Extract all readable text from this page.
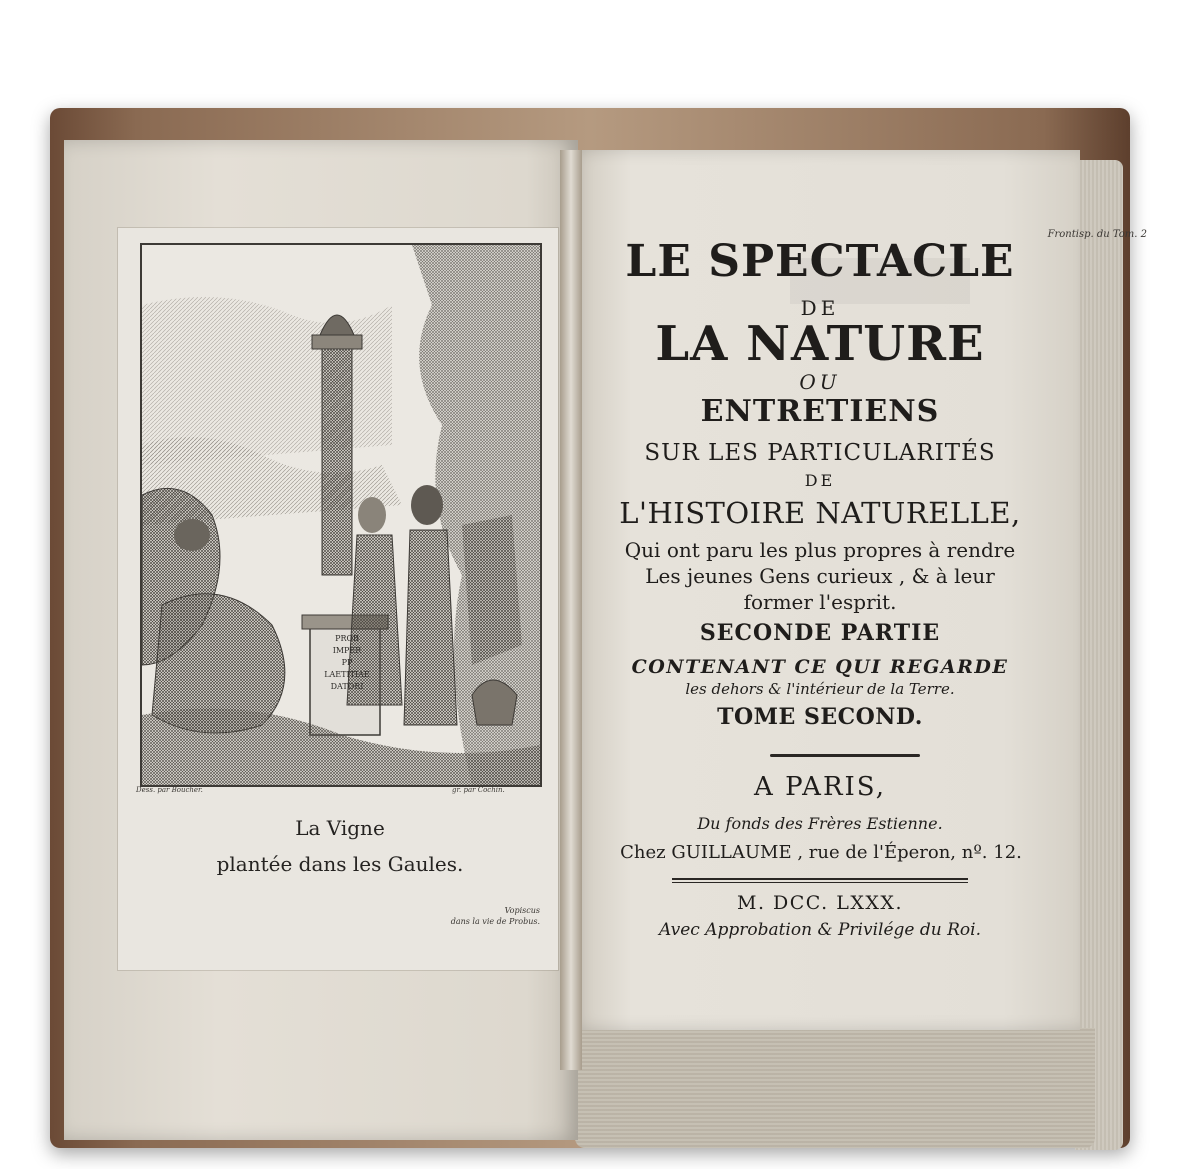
Frontisp. du Tom. 2
PROB
IMPER
PP
LAETITIAE
DATORI
Dess. par Boucher.	gr. par Cochin.
La Vigne
plantée dans les Gaules.
Vopiscus
dans la vie de Probus.
LE SPECTACLE
DE
LA NATURE
OU
ENTRETIENS
SUR LES PARTICULARITÉS
DE
L'HISTOIRE NATURELLE,
Qui ont paru les plus propres à rendre
Les jeunes Gens curieux , & à leur
former l'esprit.
SECONDE PARTIE
CONTENANT CE QUI REGARDE
les dehors & l'intérieur de la Terre.
TOME SECOND.
A PARIS,
Du fonds des Frères Estienne.
Chez GUILLAUME , rue de l'Éperon, nº. 12.
M. DCC. LXXX.
Avec Approbation & Privilége du Roi.
